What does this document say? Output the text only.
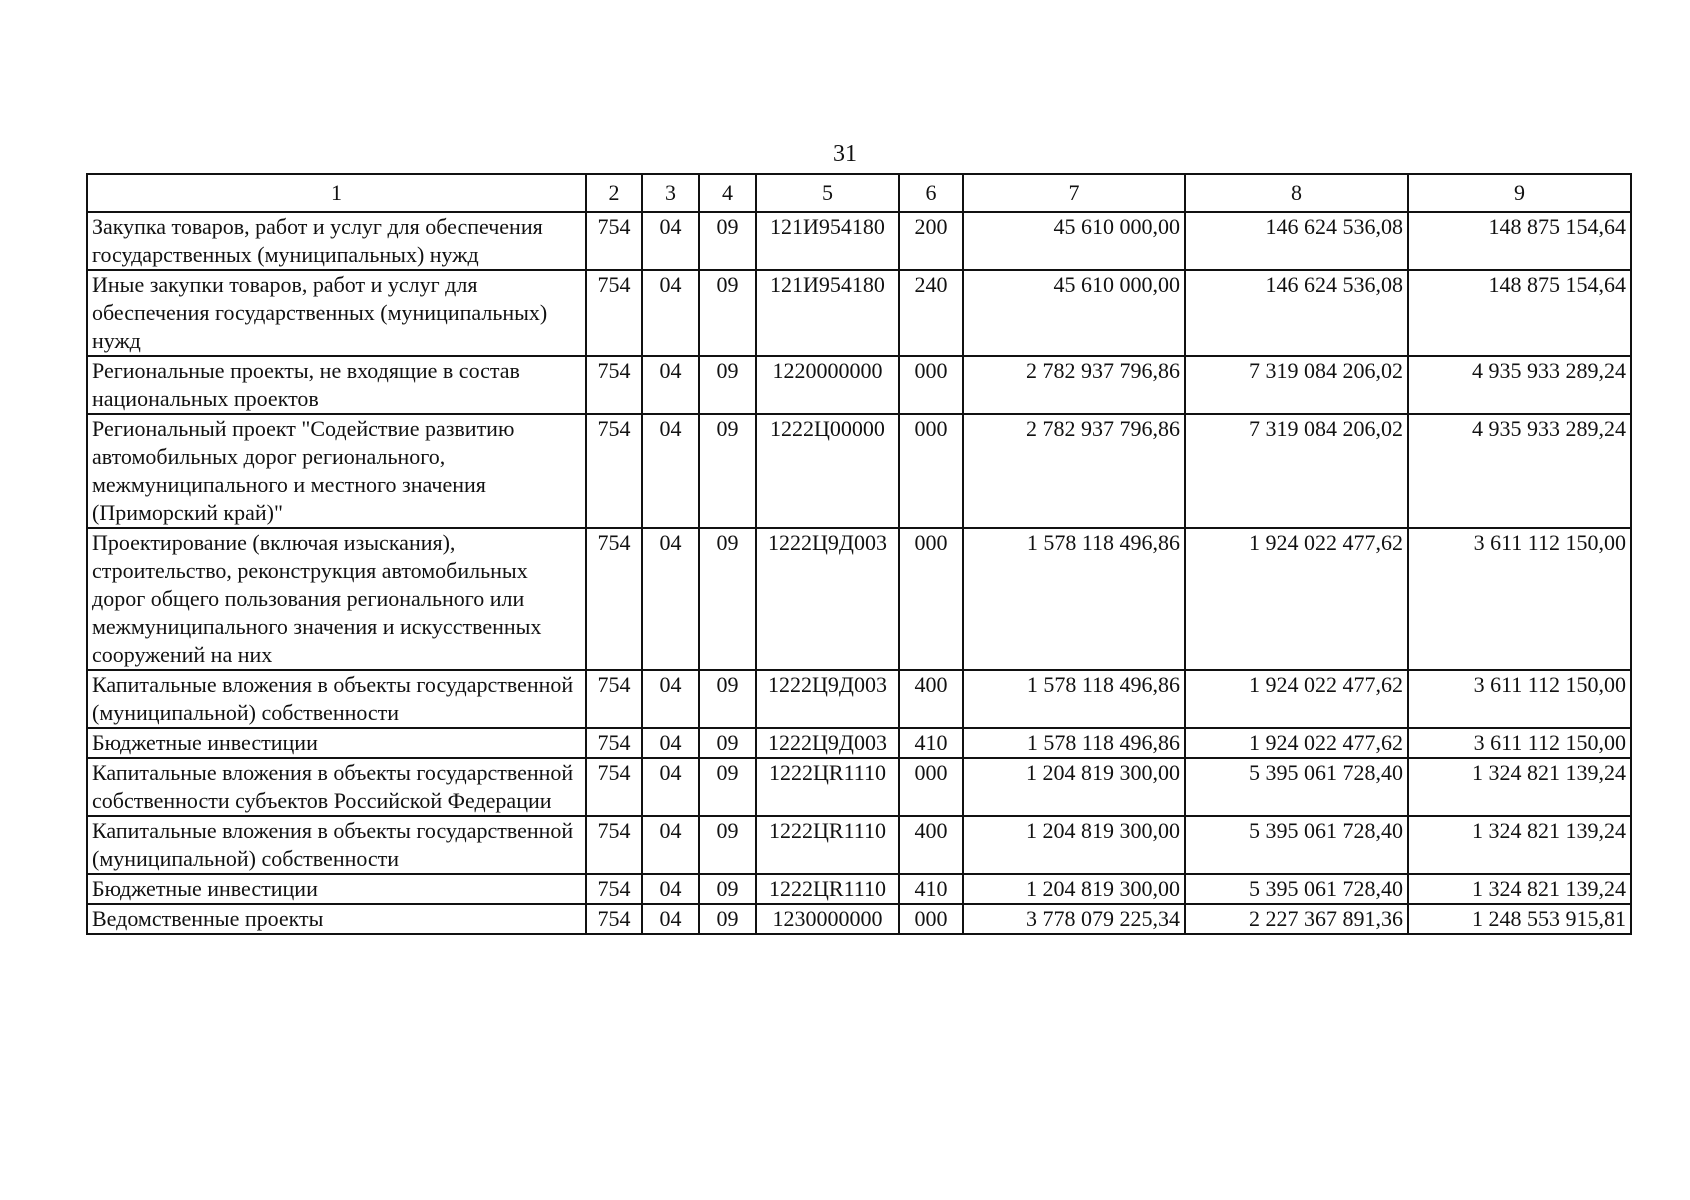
31
1	2	3	4	5	6	7	8	9
Закупка товаров, работ и услуг для обеспечения государственных (муниципальных) нужд	754	04	09	121И954180	200	45 610 000,00	146 624 536,08	148 875 154,64
Иные закупки товаров, работ и услуг для обеспечения государственных (муниципальных) нужд	754	04	09	121И954180	240	45 610 000,00	146 624 536,08	148 875 154,64
Региональные проекты, не входящие в состав национальных проектов	754	04	09	1220000000	000	2 782 937 796,86	7 319 084 206,02	4 935 933 289,24
Региональный проект "Содействие развитию автомобильных дорог регионального, межмуниципального и местного значения (Приморский край)"	754	04	09	1222Ц00000	000	2 782 937 796,86	7 319 084 206,02	4 935 933 289,24
Проектирование (включая изыскания), строительство, реконструкция автомобильных дорог общего пользования регионального или межмуниципального значения и искусственных сооружений на них	754	04	09	1222Ц9Д003	000	1 578 118 496,86	1 924 022 477,62	3 611 112 150,00
Капитальные вложения в объекты государственной (муниципальной) собственности	754	04	09	1222Ц9Д003	400	1 578 118 496,86	1 924 022 477,62	3 611 112 150,00
Бюджетные инвестиции	754	04	09	1222Ц9Д003	410	1 578 118 496,86	1 924 022 477,62	3 611 112 150,00
Капитальные вложения в объекты государственной собственности субъектов Российской Федерации	754	04	09	1222ЦR1110	000	1 204 819 300,00	5 395 061 728,40	1 324 821 139,24
Капитальные вложения в объекты государственной (муниципальной) собственности	754	04	09	1222ЦR1110	400	1 204 819 300,00	5 395 061 728,40	1 324 821 139,24
Бюджетные инвестиции	754	04	09	1222ЦR1110	410	1 204 819 300,00	5 395 061 728,40	1 324 821 139,24
Ведомственные проекты	754	04	09	1230000000	000	3 778 079 225,34	2 227 367 891,36	1 248 553 915,81
